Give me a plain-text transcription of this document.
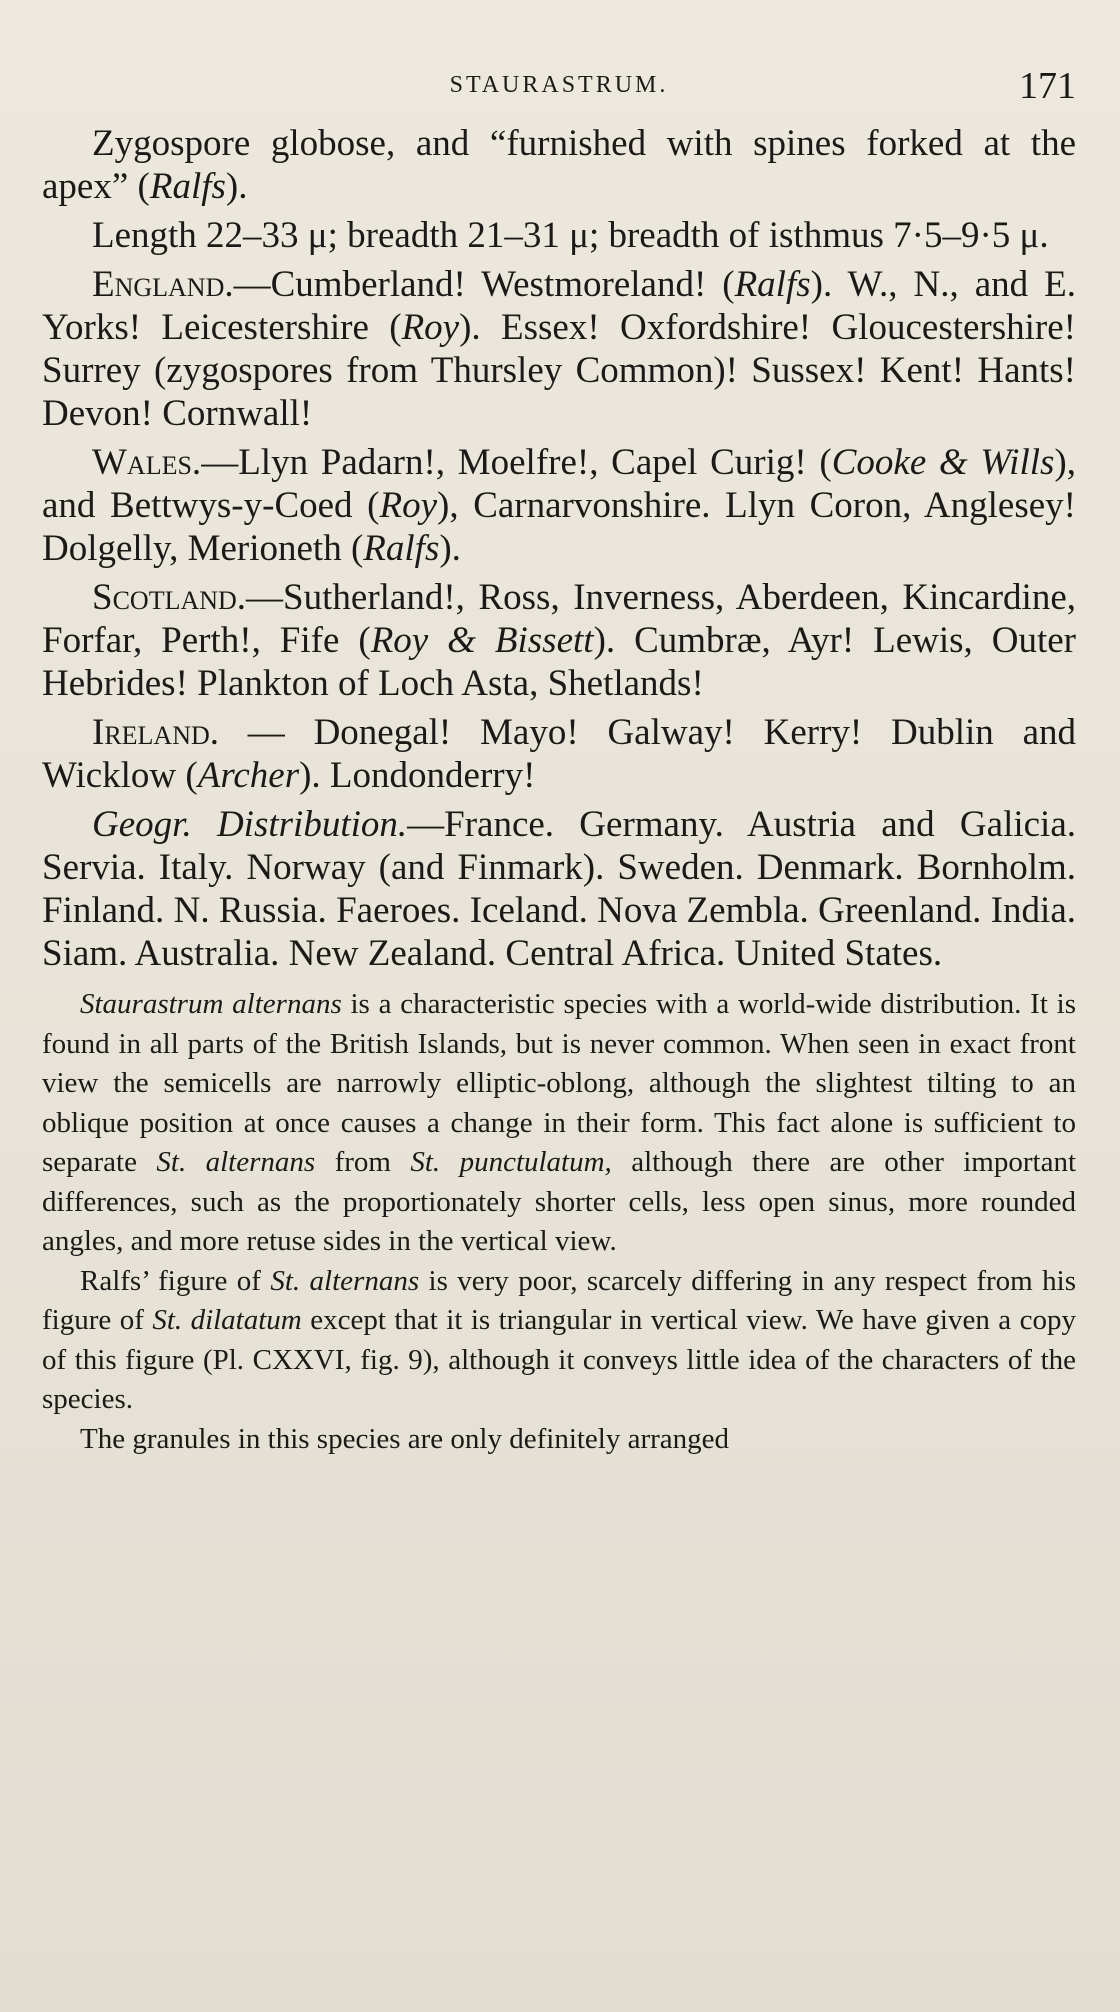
STAURASTRUM.	171

Zygospore globose, and “furnished with spines forked at the apex” (Ralfs).

Length 22–33 μ; breadth 21–31 μ; breadth of isthmus 7·5–9·5 μ.

England.—Cumberland! Westmoreland! (Ralfs). W., N., and E. Yorks! Leicestershire (Roy). Essex! Oxfordshire! Gloucestershire! Surrey (zygospores from Thursley Common)! Sussex! Kent! Hants! Devon! Cornwall!

Wales.—Llyn Padarn!, Moelfre!, Capel Curig! (Cooke & Wills), and Bettwys-y-Coed (Roy), Carnarvonshire. Llyn Coron, Anglesey! Dolgelly, Merioneth (Ralfs).

Scotland.—Sutherland!, Ross, Inverness, Aberdeen, Kincardine, Forfar, Perth!, Fife (Roy & Bissett). Cumbræ, Ayr! Lewis, Outer Hebrides! Plankton of Loch Asta, Shetlands!

Ireland. — Donegal! Mayo! Galway! Kerry! Dublin and Wicklow (Archer). Londonderry!

Geogr. Distribution.—France. Germany. Austria and Galicia. Servia. Italy. Norway (and Finmark). Sweden. Denmark. Bornholm. Finland. N. Russia. Faeroes. Iceland. Nova Zembla. Greenland. India. Siam. Australia. New Zealand. Central Africa. United States.

Staurastrum alternans is a characteristic species with a world-wide distribution. It is found in all parts of the British Islands, but is never common. When seen in exact front view the semicells are narrowly elliptic-oblong, although the slightest tilting to an oblique position at once causes a change in their form. This fact alone is sufficient to separate St. alternans from St. punctulatum, although there are other important differences, such as the proportionately shorter cells, less open sinus, more rounded angles, and more retuse sides in the vertical view.

Ralfs’ figure of St. alternans is very poor, scarcely differing in any respect from his figure of St. dilatatum except that it is triangular in vertical view. We have given a copy of this figure (Pl. CXXVI, fig. 9), although it conveys little idea of the characters of the species.

The granules in this species are only definitely arranged
